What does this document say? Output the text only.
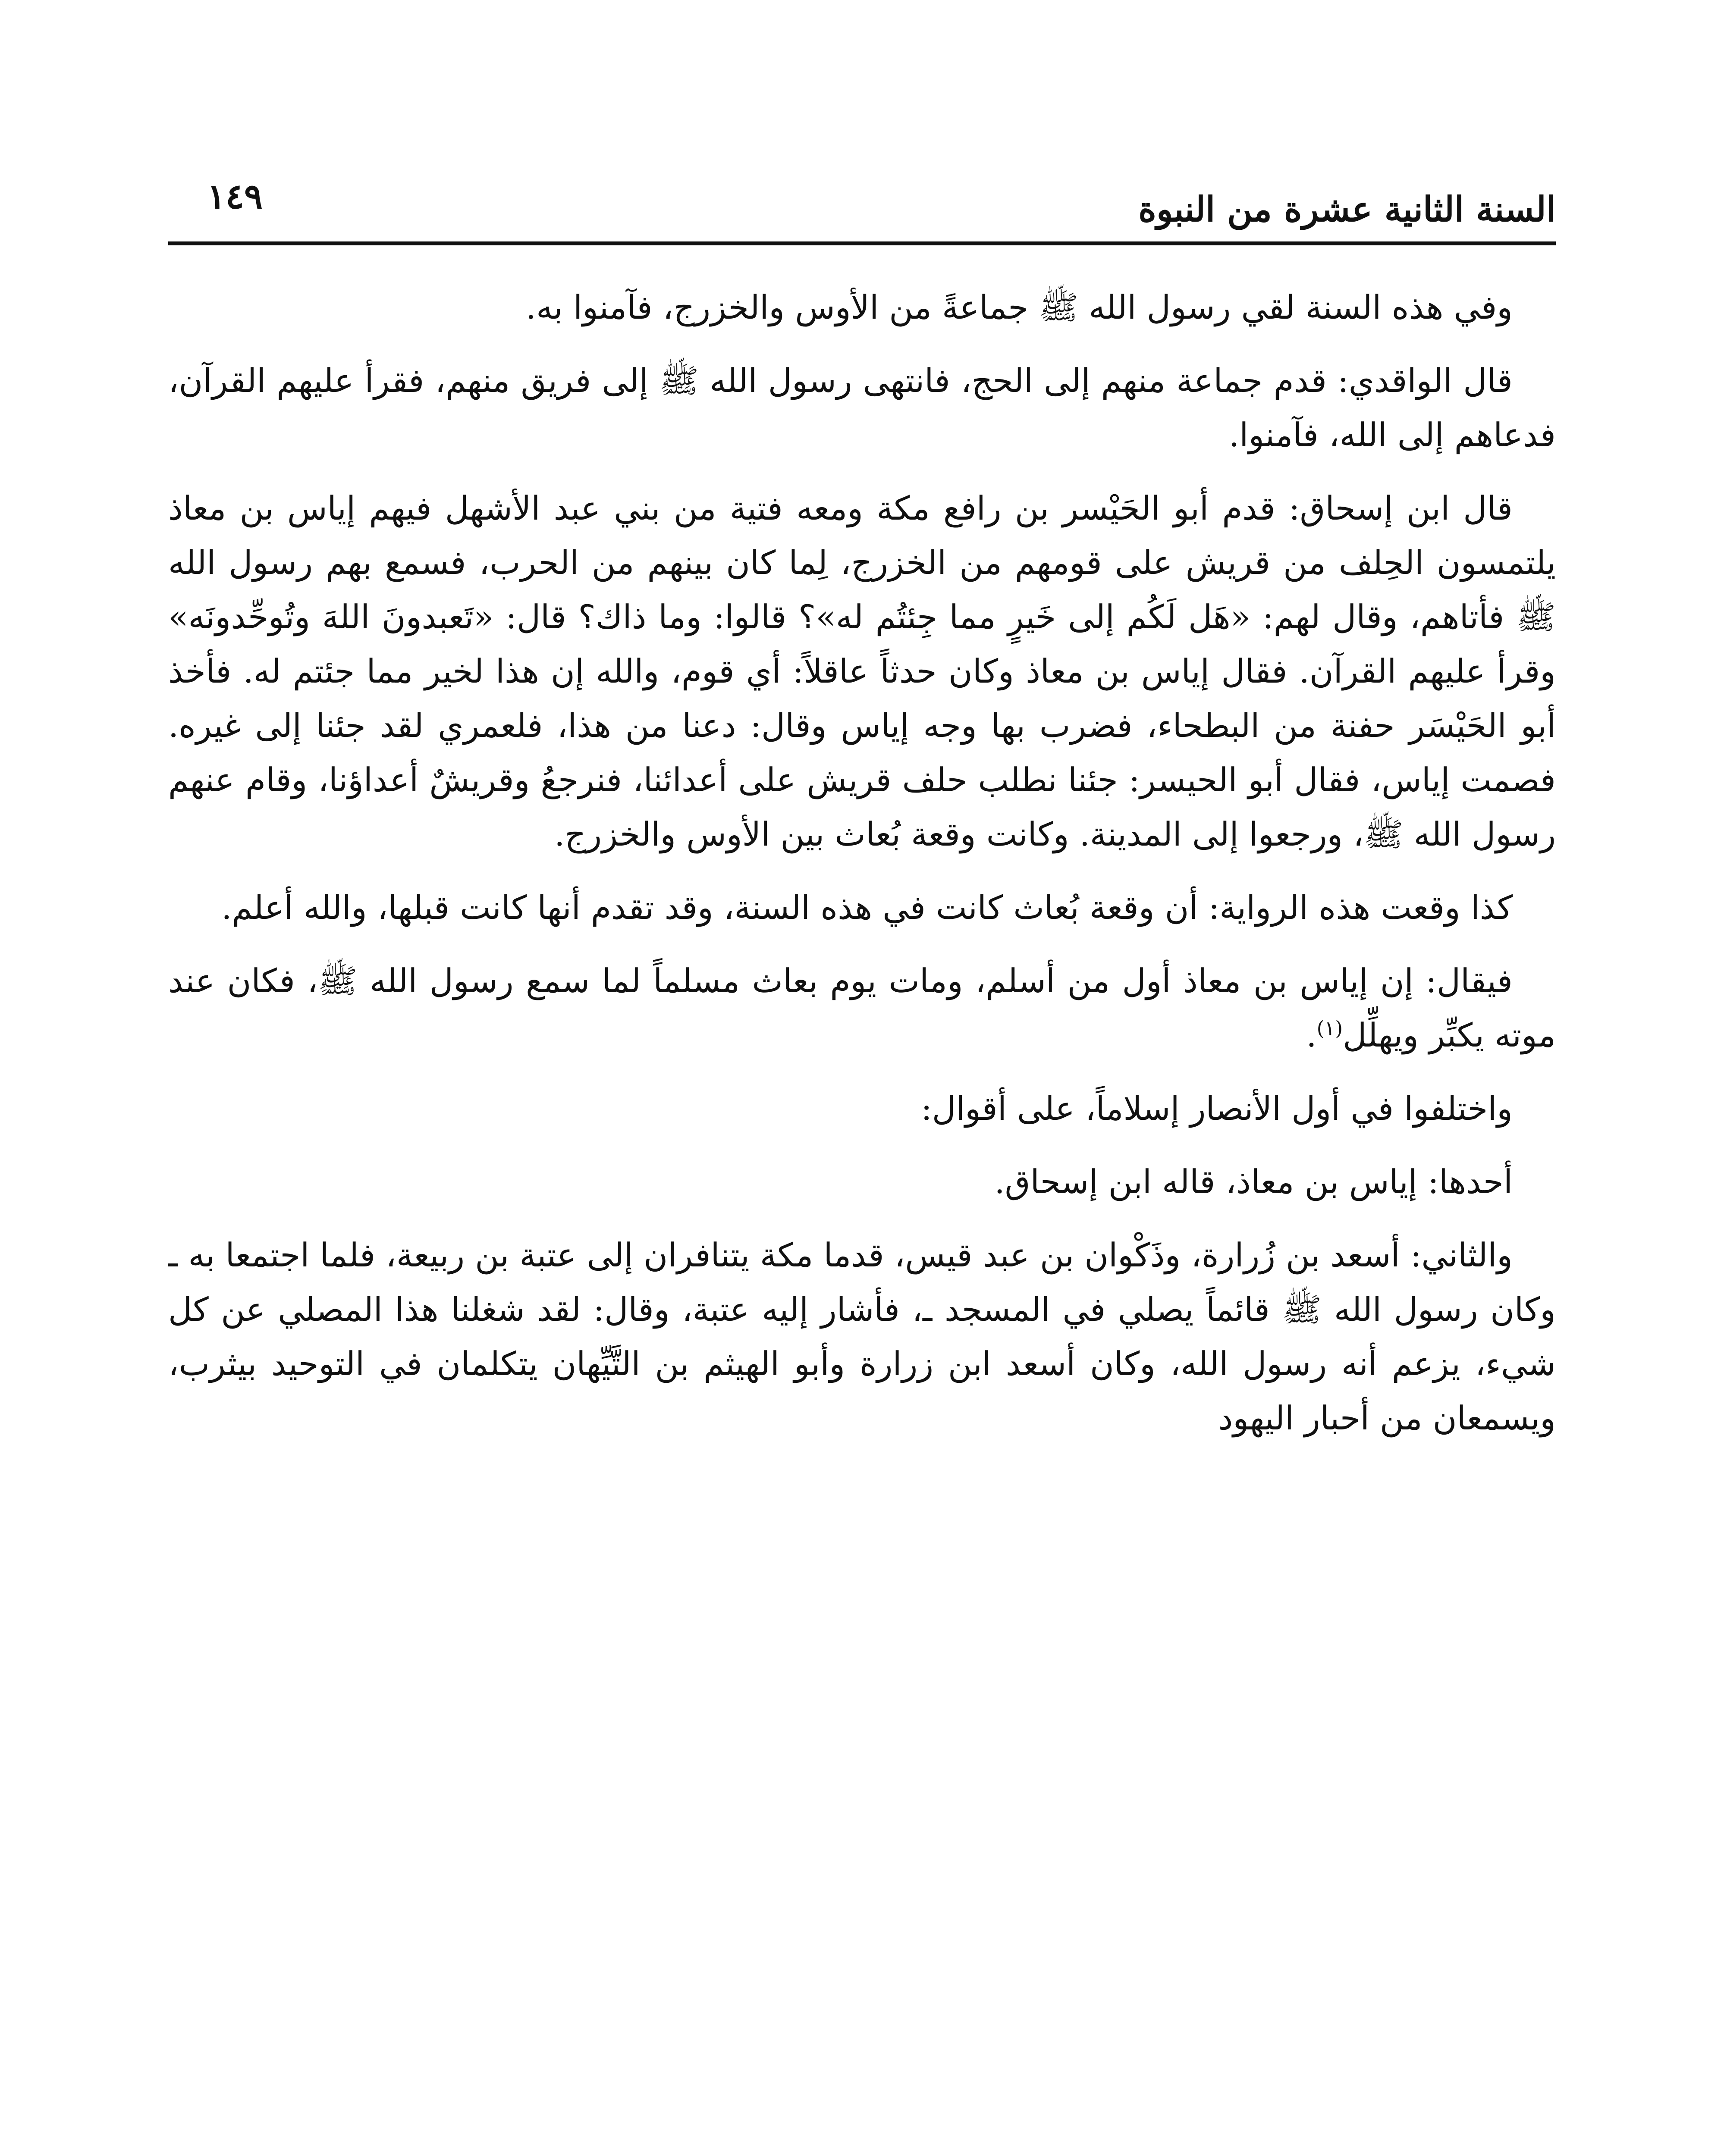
السنة الثانية عشرة من النبوة
١٤٩

وفي هذه السنة لقي رسول الله ﷺ جماعةً من الأوس والخزرج، فآمنوا به.

قال الواقدي: قدم جماعة منهم إلى الحج، فانتهى رسول الله ﷺ إلى فريق منهم، فقرأ عليهم القرآن، فدعاهم إلى الله، فآمنوا.

قال ابن إسحاق: قدم أبو الحَيْسر بن رافع مكة ومعه فتية من بني عبد الأشهل فيهم إياس بن معاذ يلتمسون الحِلف من قريش على قومهم من الخزرج، لِما كان بينهم من الحرب، فسمع بهم رسول الله ﷺ فأتاهم، وقال لهم: «هَل لَكُم إلى خَيرٍ مما جِئتُم له»؟ قالوا: وما ذاك؟ قال: «تَعبدونَ اللهَ وتُوحِّدونَه» وقرأ عليهم القرآن. فقال إياس بن معاذ وكان حدثاً عاقلاً: أي قوم، والله إن هذا لخير مما جئتم له. فأخذ أبو الحَيْسَر حفنة من البطحاء، فضرب بها وجه إياس وقال: دعنا من هذا، فلعمري لقد جئنا إلى غيره. فصمت إياس، فقال أبو الحيسر: جئنا نطلب حلف قريش على أعدائنا، فنرجعُ وقريشٌ أعداؤنا، وقام عنهم رسول الله ﷺ، ورجعوا إلى المدينة. وكانت وقعة بُعاث بين الأوس والخزرج.

كذا وقعت هذه الرواية: أن وقعة بُعاث كانت في هذه السنة، وقد تقدم أنها كانت قبلها، والله أعلم.

فيقال: إن إياس بن معاذ أول من أسلم، ومات يوم بعاث مسلماً لما سمع رسول الله ﷺ، فكان عند موته يكبِّر ويهلِّل$^{(١)}$.

واختلفوا في أول الأنصار إسلاماً، على أقوال:

أحدها: إياس بن معاذ، قاله ابن إسحاق.

والثاني: أسعد بن زُرارة، وذَكْوان بن عبد قيس، قدما مكة يتنافران إلى عتبة بن ربيعة، فلما اجتمعا به ـ وكان رسول الله ﷺ قائماً يصلي في المسجد ـ، فأشار إليه عتبة، وقال: لقد شغلنا هذا المصلي عن كل شيء، يزعم أنه رسول الله، وكان أسعد ابن زرارة وأبو الهيثم بن التَّيِّهان يتكلمان في التوحيد بيثرب، ويسمعان من أحبار اليهود
